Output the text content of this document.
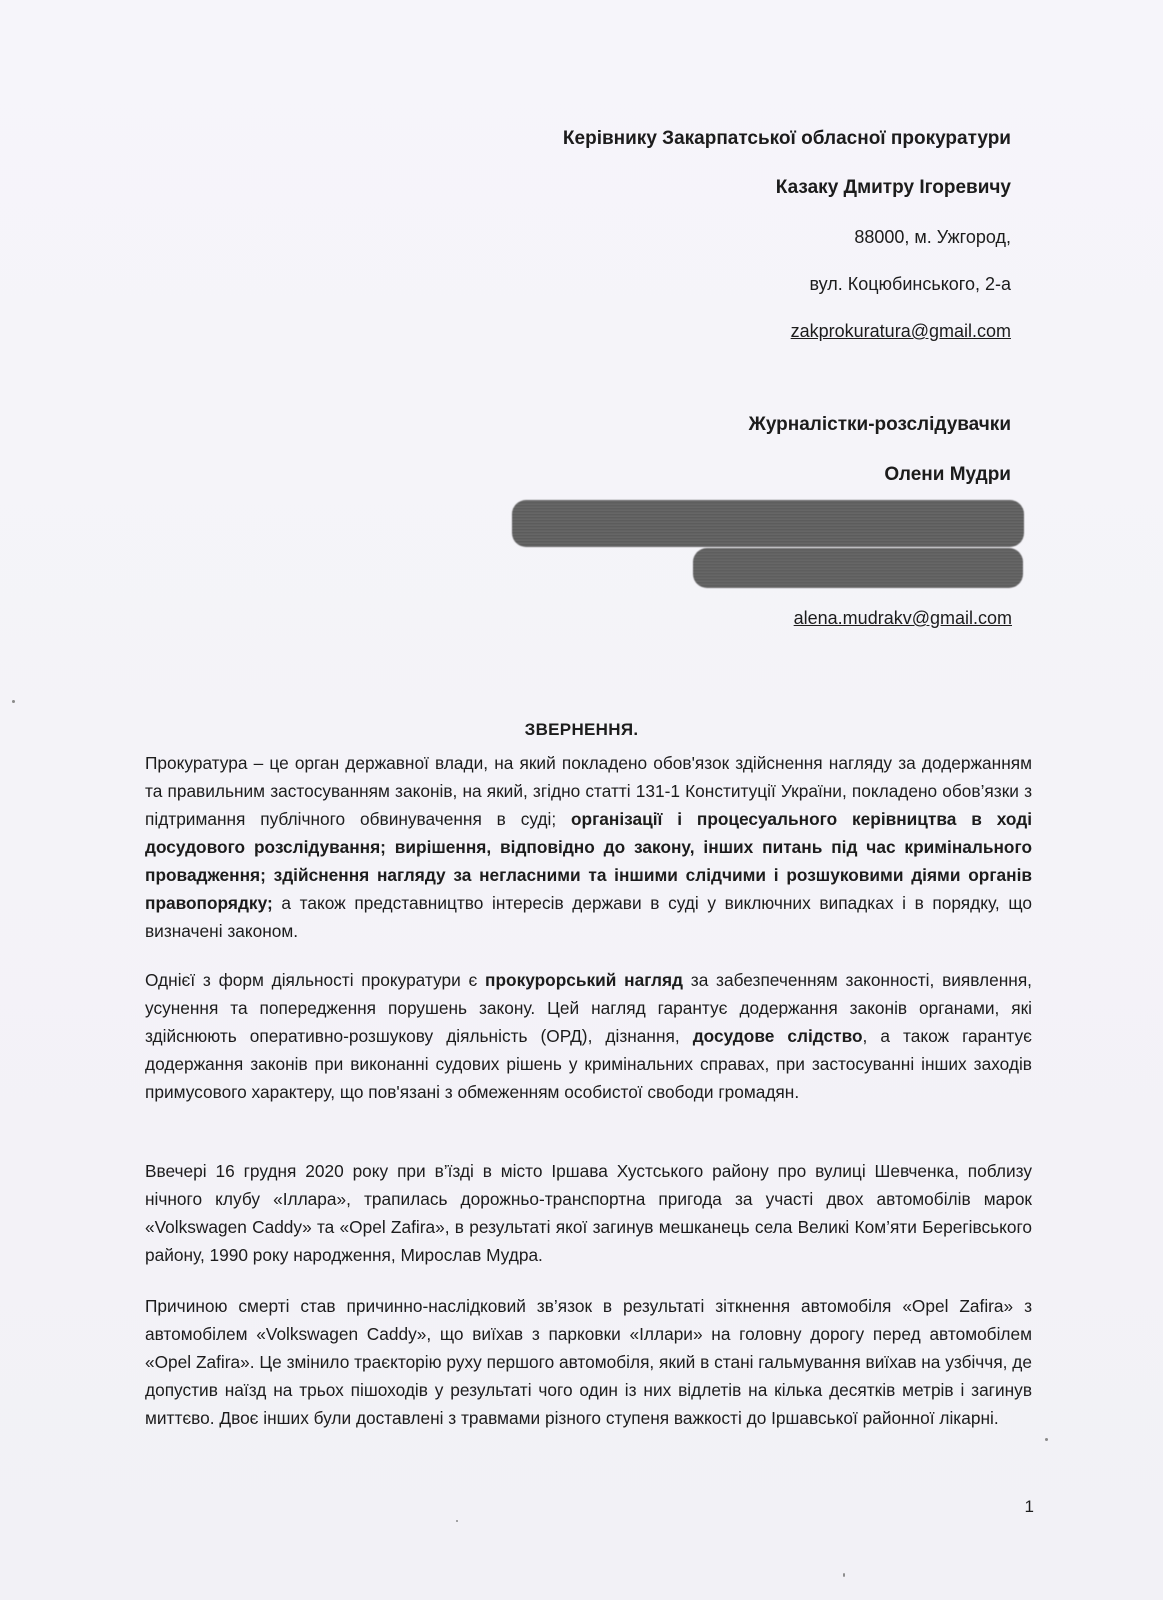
Керівнику Закарпатської обласної прокуратури
Казаку Дмитру Ігоревичу
88000, м. Ужгород,
вул. Коцюбинського, 2-а
zakprokuratura@gmail.com
Журналістки-розслідувачки
Олени Мудри
alena.mudrakv@gmail.com
ЗВЕРНЕННЯ.

Прокуратура – це орган державної влади, на який покладено обов'язок здійснення нагляду за додержанням та правильним застосуванням законів, на який, згідно статті 131-1 Конституції України, покладено обов’язки з підтримання публічного обвинувачення в суді; організації і процесуального керівництва в ході досудового розслідування; вирішення, відповідно до закону, інших питань під час кримінального провадження; здійснення нагляду за негласними та іншими слідчими і розшуковими діями органів правопорядку; а також представництво інтересів держави в суді у виключних випадках і в порядку, що визначені законом.

Однієї з форм діяльності прокуратури є прокурорський нагляд за забезпеченням законності, виявлення, усунення та попередження порушень закону. Цей нагляд гарантує додержання законів органами, які здійснюють оперативно-розшукову діяльність (ОРД), дізнання, досудове слідство, а також гарантує додержання законів при виконанні судових рішень у кримінальних справах, при застосуванні інших заходів примусового характеру, що пов'язані з обмеженням особистої свободи громадян.

Ввечері 16 грудня 2020 року при в’їзді в місто Іршава Хустського району про вулиці Шевченка, поблизу нічного клубу «Іллара», трапилась дорожньо-транспортна пригода за участі двох автомобілів марок «Volkswagen Caddy» та «Opel Zafira», в результаті якої загинув мешканець села Великі Ком’яти Берегівського району, 1990 року народження, Мирослав Мудра.

Причиною смерті став причинно-наслідковий зв’язок в результаті зіткнення автомобіля «Opel Zafira» з автомобілем «Volkswagen Caddy», що виїхав з парковки «Іллари» на головну дорогу перед автомобілем «Opel Zafira». Це змінило траєкторію руху першого автомобіля, який в стані гальмування виїхав на узбіччя, де допустив наїзд на трьох пішоходів у результаті чого один із них відлетів на кілька десятків метрів і загинув миттєво. Двоє інших були доставлені з травмами різного ступеня важкості до Іршавської районної лікарні.

1
